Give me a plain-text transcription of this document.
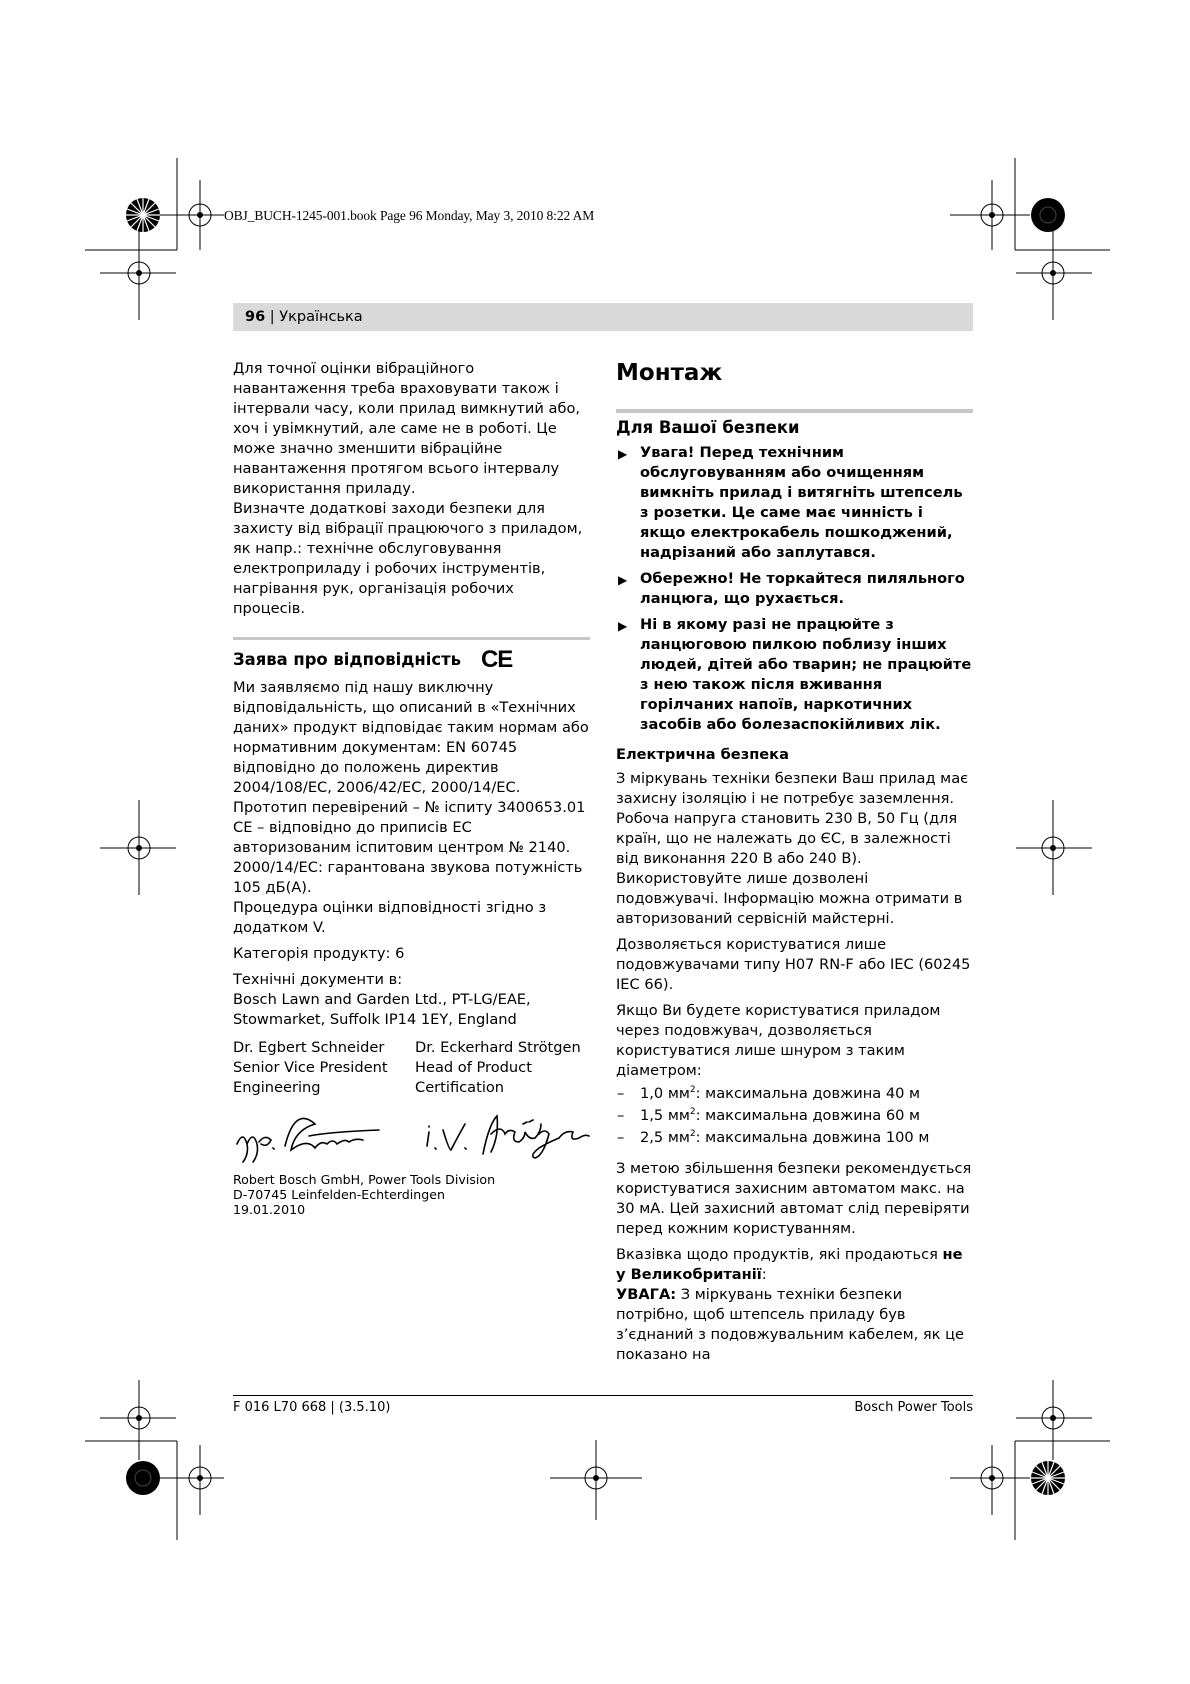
OBJ_BUCH-1245-001.book Page 96 Monday, May 3, 2010 8:22 AM
96 | Українська

Для точної оцінки вібраційного навантаження треба враховувати також і інтервали часу, коли прилад вимкнутий або, хоч і увімкнутий, але саме не в роботі. Це може значно зменшити вібраційне навантаження протягом всього інтервалу використання приладу.

Визначте додаткові заходи безпеки для захисту від вібрації працюючого з приладом, як напр.: технічне обслуговування електроприладу і робочих інструментів, нагрівання рук, організація робочих процесів.

Заява про відповідність CE

Ми заявляємо під нашу виключну відповідальність, що описаний в «Технічних даних» продукт відповідає таким нормам або нормативним документам: EN 60745 відповідно до положень директив 2004/108/EC, 2006/42/EC, 2000/14/EC.

Прототип перевірений – № іспиту 3400653.01 CE – відповідно до приписів ЕС авторизованим іспитовим центром № 2140.

2000/14/EC: гарантована звукова потужність 105 дБ(A).

Процедура оцінки відповідності згідно з додатком V.

Категорія продукту: 6

Технічні документи в:

Bosch Lawn and Garden Ltd., PT-LG/EAE, Stowmarket, Suffolk IP14 1EY, England

Dr. Egbert Schneider
Senior Vice President
Engineering
Dr. Eckerhard Strötgen
Head of Product
Certification
Robert Bosch GmbH, Power Tools Division
D-70745 Leinfelden-Echterdingen
19.01.2010
Монтаж
Для Вашої безпеки
▶ Увага! Перед технічним обслуговуванням або очищенням вимкніть прилад і витягніть штепсель з розетки. Це саме має чинність і якщо електрокабель пошкоджений, надрізаний або заплутався.
▶ Обережно! Не торкайтеся пиляльного ланцюга, що рухається.
▶ Ні в якому разі не працюйте з ланцюговою пилкою поблизу інших людей, дітей або тварин; не працюйте з нею також після вживання горілчаних напоїв, наркотичних засобів або болезаспокійливих лік.
Електрична безпека

З міркувань техніки безпеки Ваш прилад має захисну ізоляцію і не потребує заземлення. Робоча напруга становить 230 В, 50 Гц (для країн, що не належать до ЄС, в залежності від виконання 220 В або 240 В). Використовуйте лише дозволені подовжувачі. Інформацію можна отримати в авторизований сервісній майстерні.

Дозволяється користуватися лише подовжувачами типу H07 RN-F або IEC (60245 IEC 66).

Якщо Ви будете користуватися приладом через подовжувач, дозволяється користуватися лише шнуром з таким діаметром:

– 1,0 $мм^2$: максимальна довжина 40 м
– 1,5 $мм^2$: максимальна довжина 60 м
– 2,5 $мм^2$: максимальна довжина 100 м

З метою збільшення безпеки рекомендується користуватися захисним автоматом макс. на 30 мА. Цей захисний автомат слід перевіряти перед кожним користуванням.

Вказівка щодо продуктів, які продаються не у Великобританії:

УВАГА: З міркувань техніки безпеки потрібно, щоб штепсель приладу був з’єднаний з подовжувальним кабелем, як це показано на

F 016 L70 668 | (3.5.10)	Bosch Power Tools
